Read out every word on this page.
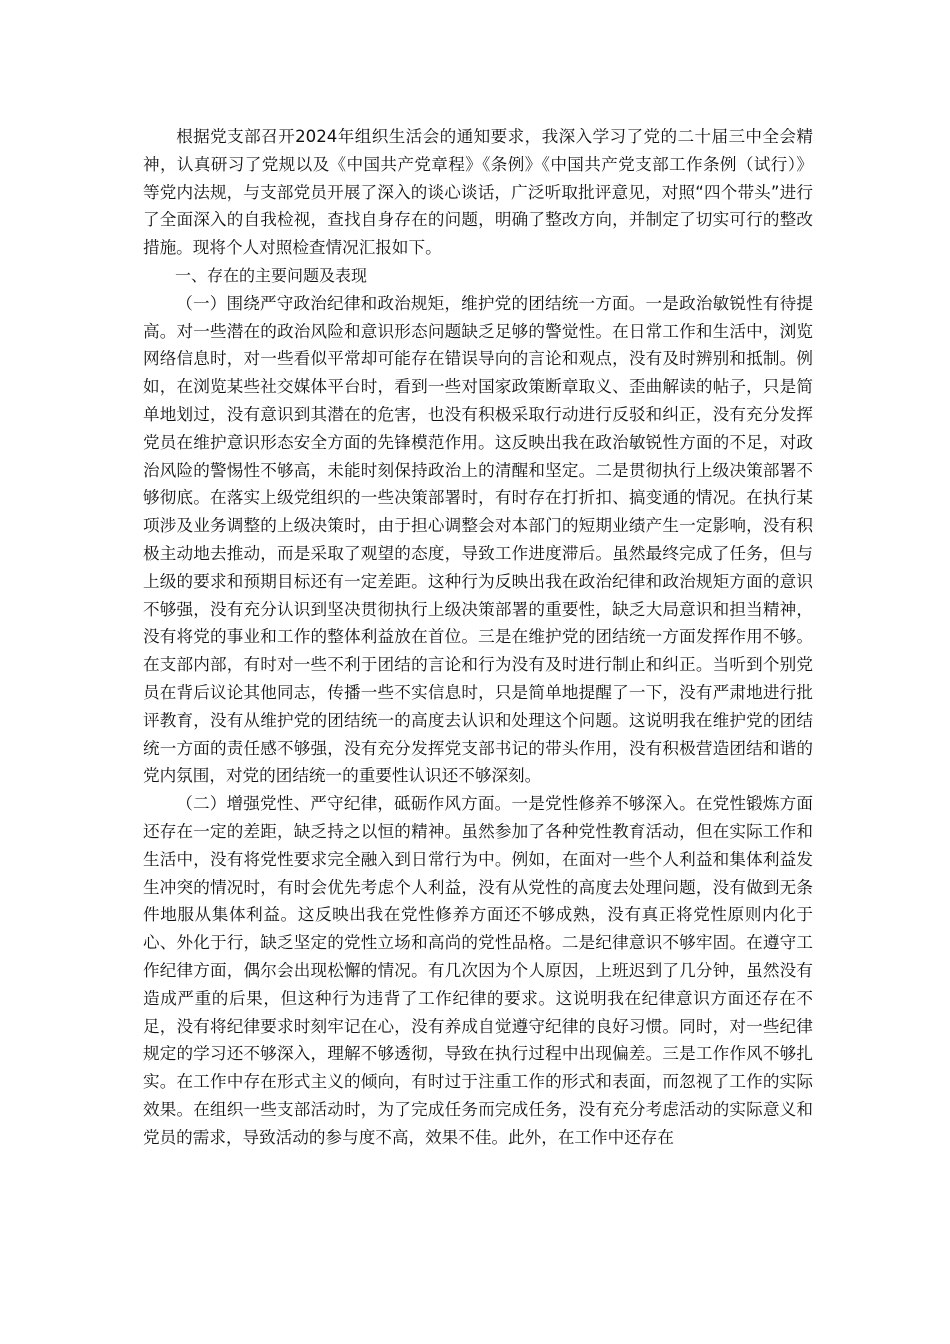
根据党支部召开2024年组织生活会的通知要求，我深入学习了党的二十届三中全会精神，认真研习了党规以及《中国共产党章程》《条例》《中国共产党支部工作条例（试行）》等党内法规，与支部党员开展了深入的谈心谈话，广泛听取批评意见，对照“四个带头”进行了全面深入的自我检视，查找自身存在的问题，明确了整改方向，并制定了切实可行的整改措施。现将个人对照检查情况汇报如下。

一、存在的主要问题及表现

（一）围绕严守政治纪律和政治规矩，维护党的团结统一方面。一是政治敏锐性有待提高。对一些潜在的政治风险和意识形态问题缺乏足够的警觉性。在日常工作和生活中，浏览网络信息时，对一些看似平常却可能存在错误导向的言论和观点，没有及时辨别和抵制。例如，在浏览某些社交媒体平台时，看到一些对国家政策断章取义、歪曲解读的帖子，只是简单地划过，没有意识到其潜在的危害，也没有积极采取行动进行反驳和纠正，没有充分发挥党员在维护意识形态安全方面的先锋模范作用。这反映出我在政治敏锐性方面的不足，对政治风险的警惕性不够高，未能时刻保持政治上的清醒和坚定。二是贯彻执行上级决策部署不够彻底。在落实上级党组织的一些决策部署时，有时存在打折扣、搞变通的情况。在执行某项涉及业务调整的上级决策时，由于担心调整会对本部门的短期业绩产生一定影响，没有积极主动地去推动，而是采取了观望的态度，导致工作进度滞后。虽然最终完成了任务，但与上级的要求和预期目标还有一定差距。这种行为反映出我在政治纪律和政治规矩方面的意识不够强，没有充分认识到坚决贯彻执行上级决策部署的重要性，缺乏大局意识和担当精神，没有将党的事业和工作的整体利益放在首位。三是在维护党的团结统一方面发挥作用不够。在支部内部，有时对一些不利于团结的言论和行为没有及时进行制止和纠正。当听到个别党员在背后议论其他同志，传播一些不实信息时，只是简单地提醒了一下，没有严肃地进行批评教育，没有从维护党的团结统一的高度去认识和处理这个问题。这说明我在维护党的团结统一方面的责任感不够强，没有充分发挥党支部书记的带头作用，没有积极营造团结和谐的党内氛围，对党的团结统一的重要性认识还不够深刻。

（二）增强党性、严守纪律，砥砺作风方面。一是党性修养不够深入。在党性锻炼方面还存在一定的差距，缺乏持之以恒的精神。虽然参加了各种党性教育活动，但在实际工作和生活中，没有将党性要求完全融入到日常行为中。例如，在面对一些个人利益和集体利益发生冲突的情况时，有时会优先考虑个人利益，没有从党性的高度去处理问题，没有做到无条件地服从集体利益。这反映出我在党性修养方面还不够成熟，没有真正将党性原则内化于心、外化于行，缺乏坚定的党性立场和高尚的党性品格。二是纪律意识不够牢固。在遵守工作纪律方面，偶尔会出现松懈的情况。有几次因为个人原因，上班迟到了几分钟，虽然没有造成严重的后果，但这种行为违背了工作纪律的要求。这说明我在纪律意识方面还存在不足，没有将纪律要求时刻牢记在心，没有养成自觉遵守纪律的良好习惯。同时，对一些纪律规定的学习还不够深入，理解不够透彻，导致在执行过程中出现偏差。三是工作作风不够扎实。在工作中存在形式主义的倾向，有时过于注重工作的形式和表面，而忽视了工作的实际效果。在组织一些支部活动时，为了完成任务而完成任务，没有充分考虑活动的实际意义和党员的需求，导致活动的参与度不高，效果不佳。此外，在工作中还存在
